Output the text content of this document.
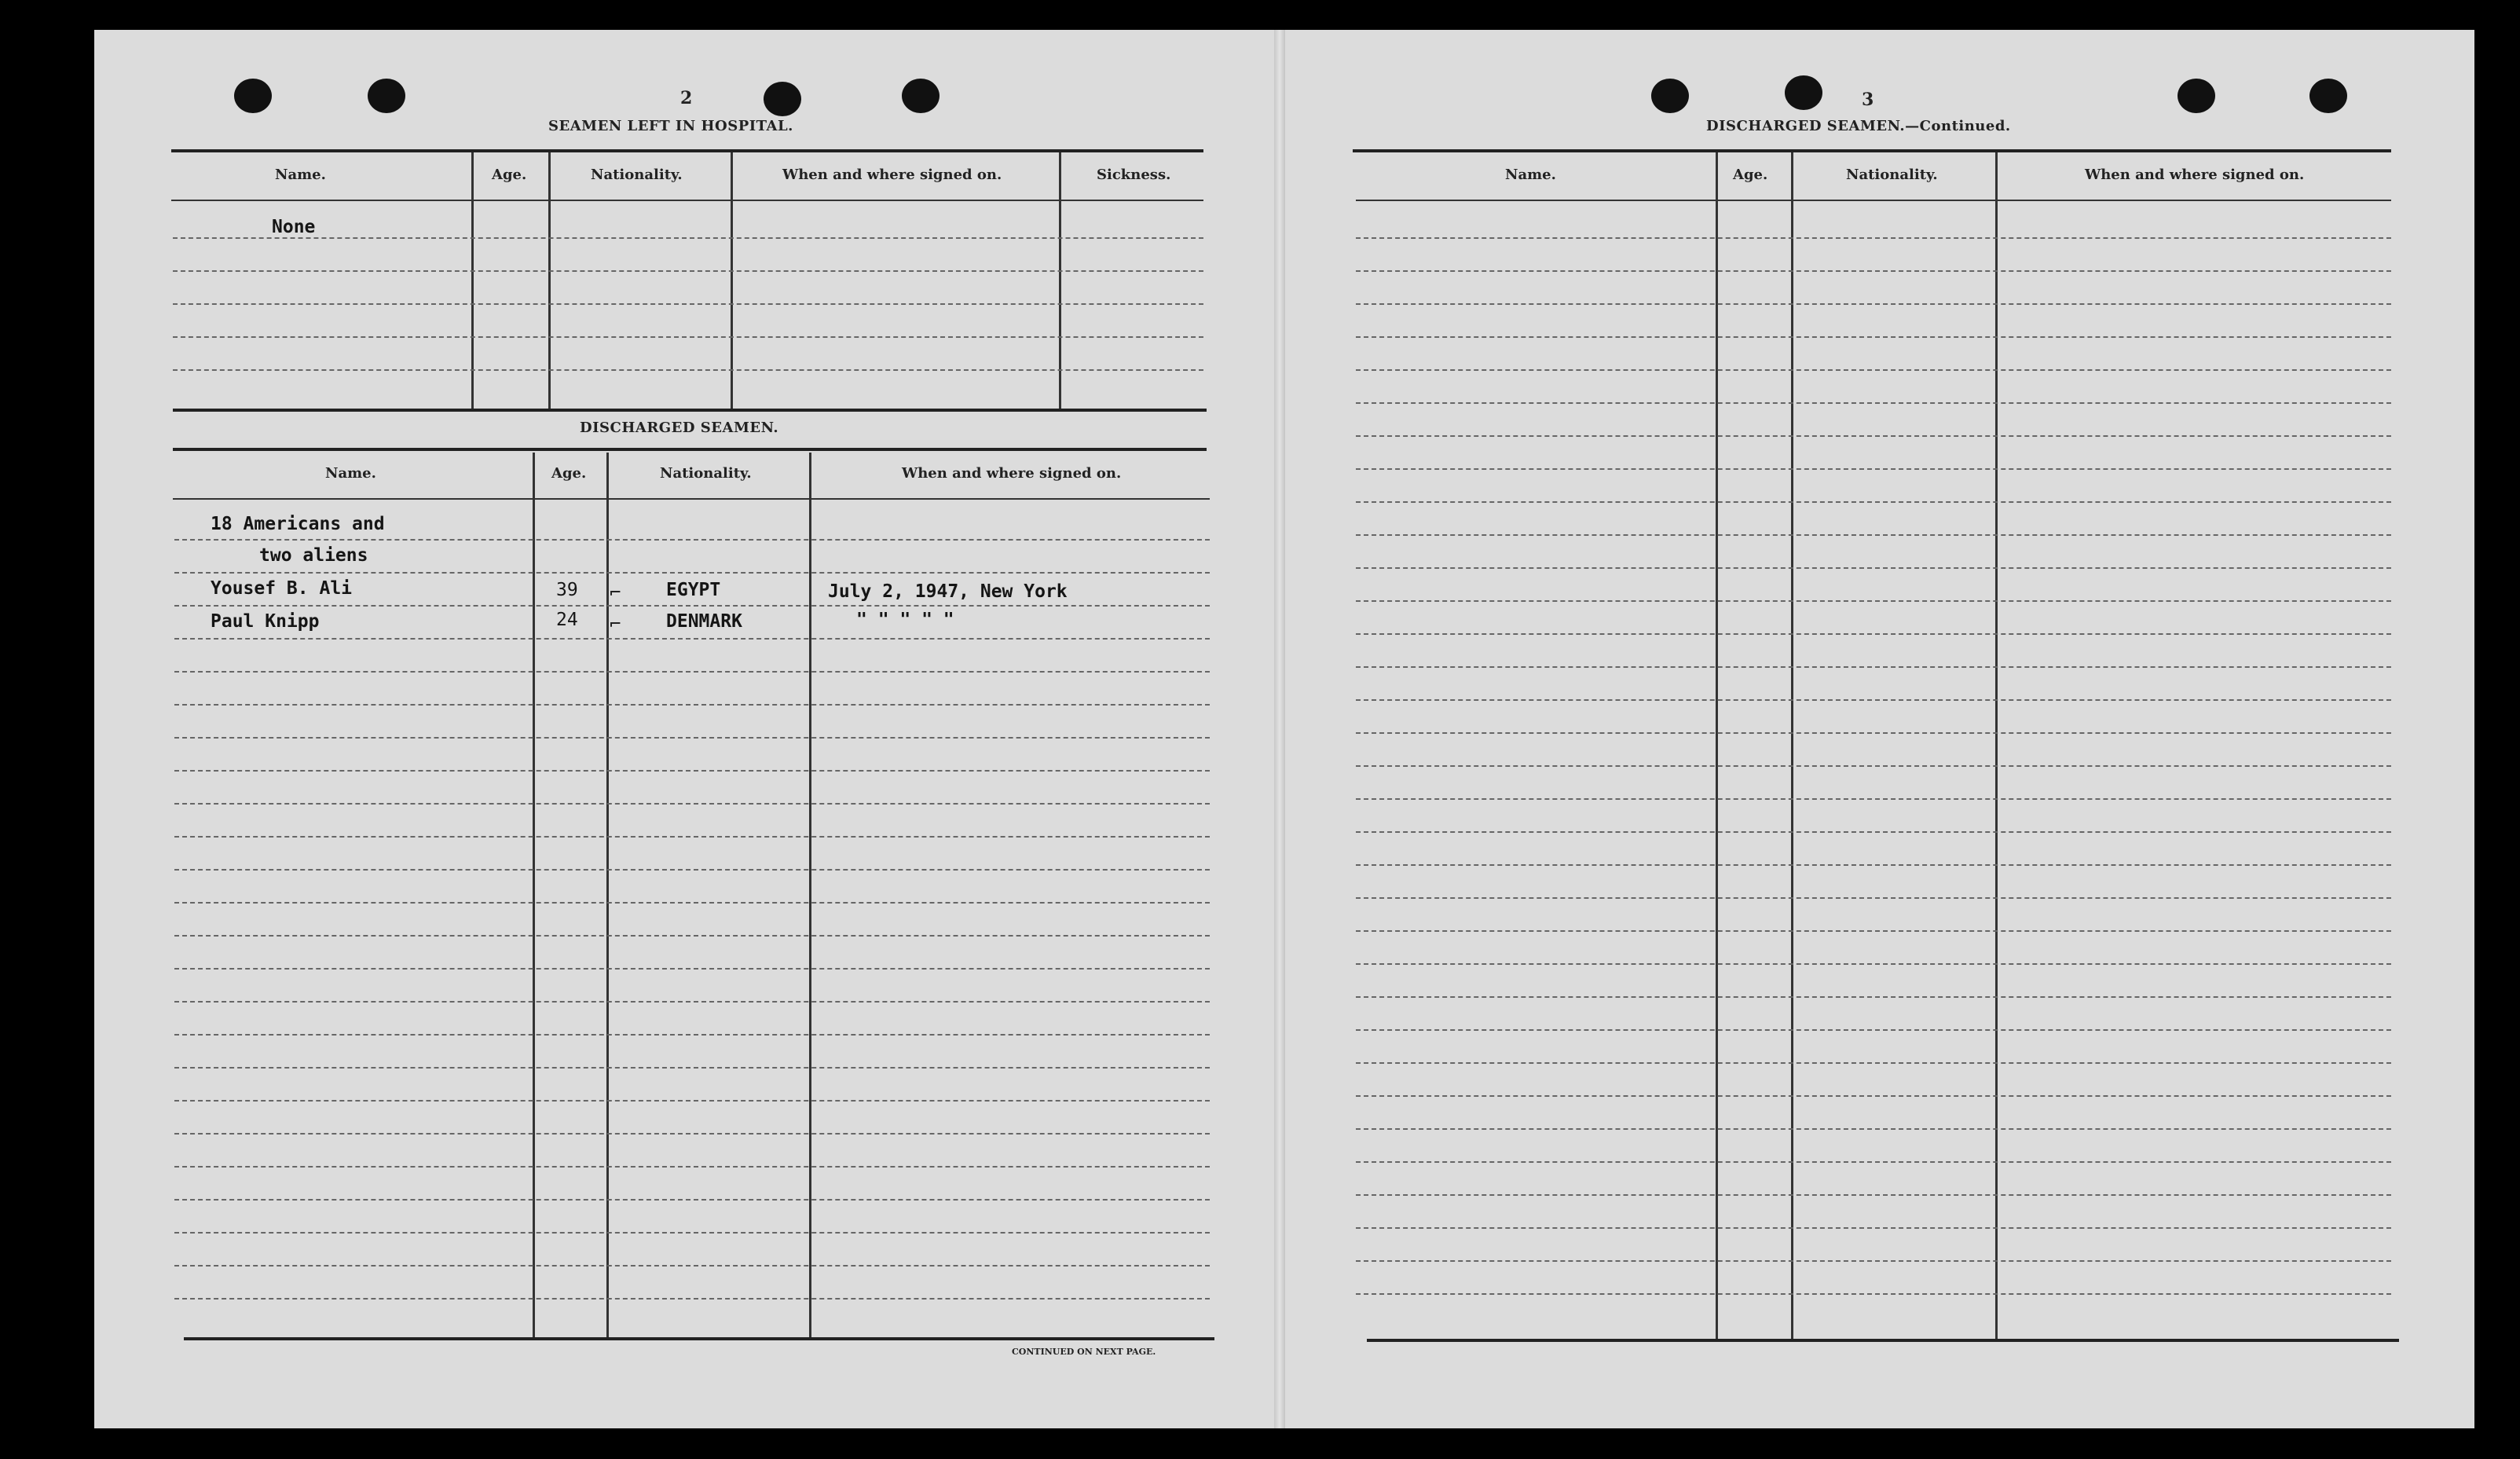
2
SEAMEN LEFT IN HOSPITAL.
Name.	Age.	Nationality.	When and where signed on.	Sickness.
None
DISCHARGED SEAMEN.
Name.	Age.	Nationality.	When and where signed on.
18 Americans and
two aliens
Yousef B. Ali	39 ⌐	EGYPT	July 2, 1947, New York
Paul Knipp	24 ⌐	DENMARK	" " " " "
CONTINUED ON NEXT PAGE.
3
DISCHARGED SEAMEN.—Continued.
Name.	Age.	Nationality.	When and where signed on.
